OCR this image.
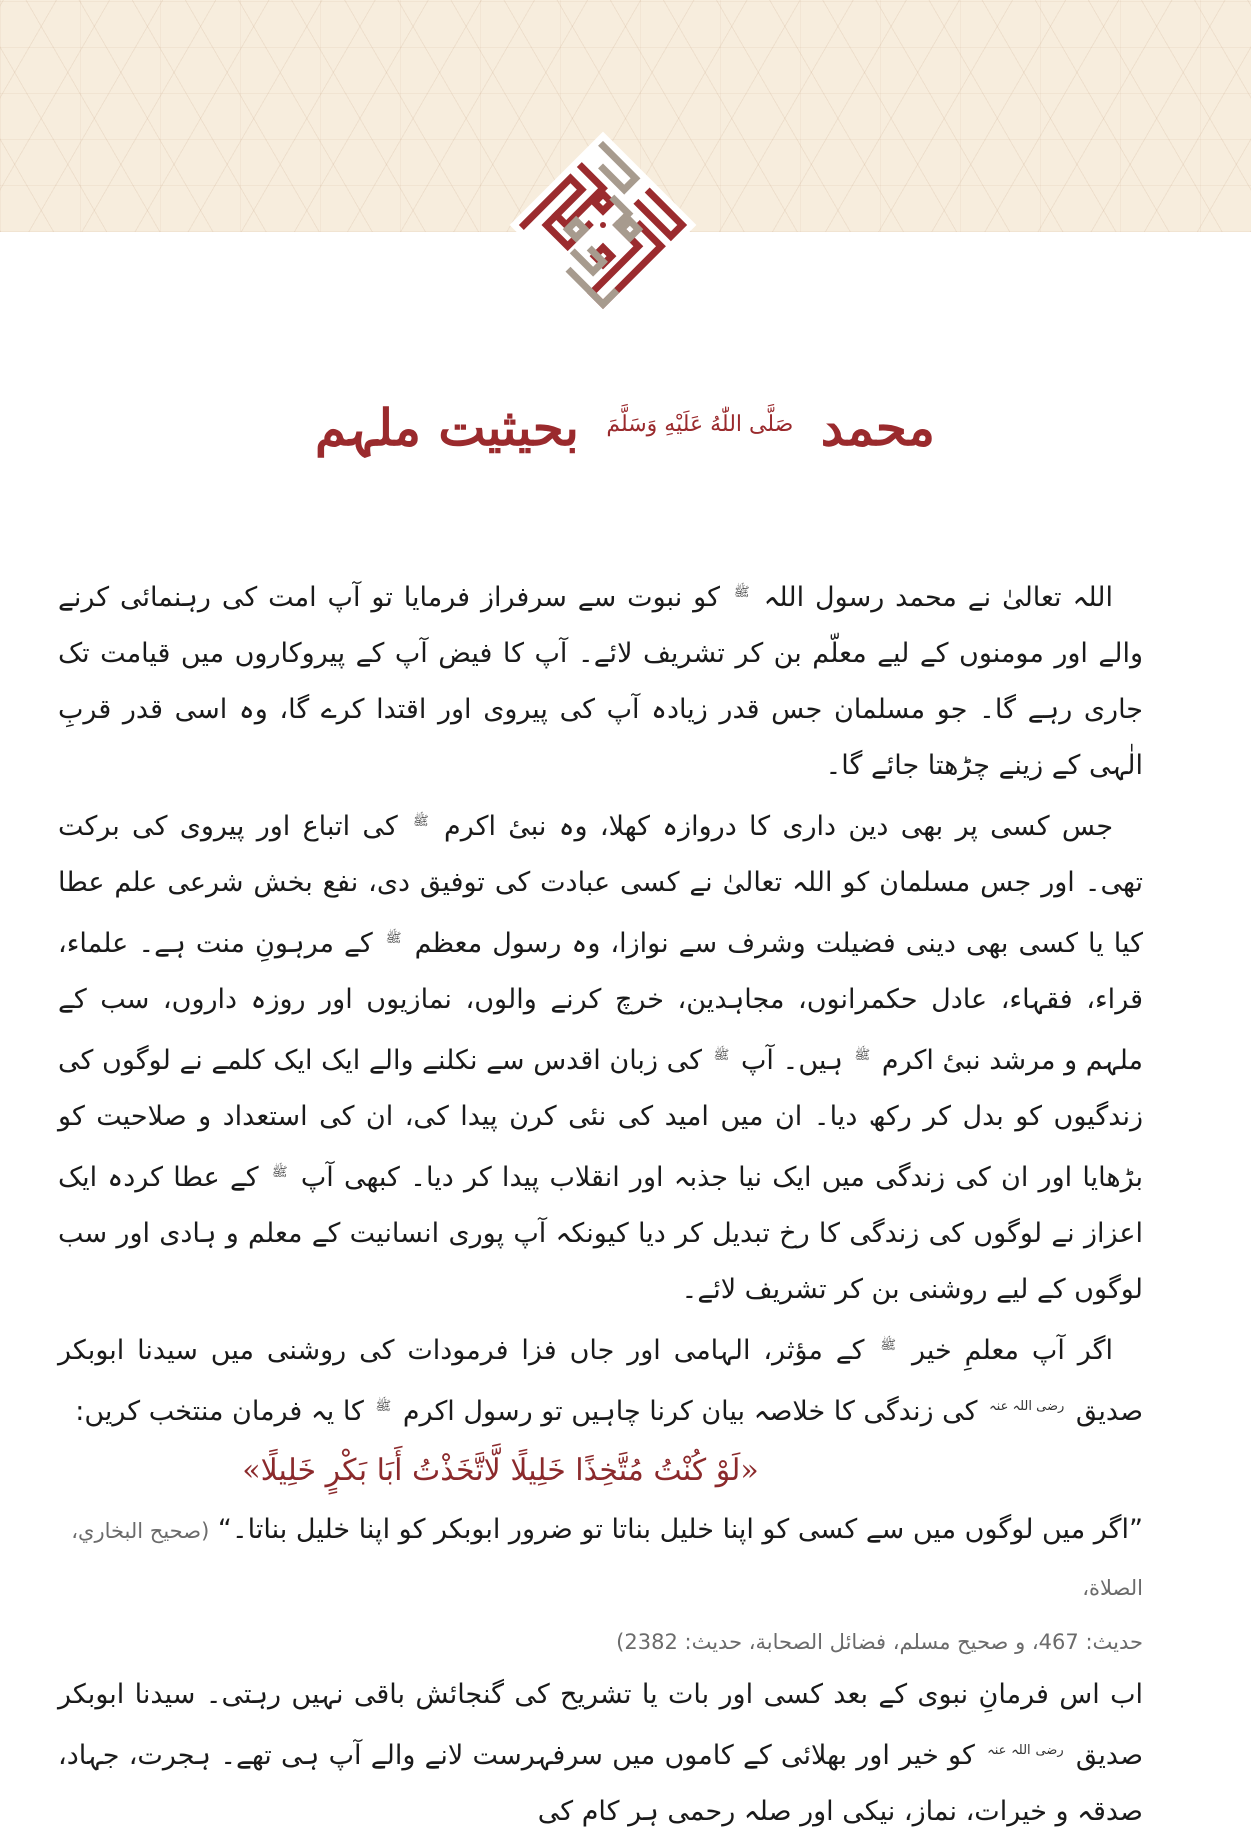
محمد $^{صَلَّى اللّٰهُ عَلَيْهِ وَسَلَّمَ}$ بحیثیت ملہم

اللہ تعالیٰ نے محمد رسول اللہ $^ﷺ$ کو نبوت سے سرفراز فرمایا تو آپ امت کی رہنمائی کرنے والے اور مومنوں کے لیے معلّم بن کر تشریف لائے۔ آپ کا فیض آپ کے پیروکاروں میں قیامت تک جاری رہے گا۔ جو مسلمان جس قدر زیادہ آپ کی پیروی اور اقتدا کرے گا، وہ اسی قدر قربِ الٰہی کے زینے چڑھتا جائے گا۔

جس کسی پر بھی دین داری کا دروازہ کھلا، وہ نبیٔ اکرم $^ﷺ$ کی اتباع اور پیروی کی برکت تھی۔ اور جس مسلمان کو اللہ تعالیٰ نے کسی عبادت کی توفیق دی، نفع بخش شرعی علم عطا کیا یا کسی بھی دینی فضیلت وشرف سے نوازا، وہ رسول معظم $^ﷺ$ کے مرہونِ منت ہے۔ علماء، قراء، فقہاء، عادل حکمرانوں، مجاہدین، خرچ کرنے والوں، نمازیوں اور روزہ داروں، سب کے ملہم و مرشد نبیٔ اکرم $^ﷺ$ ہیں۔ آپ $^ﷺ$ کی زبان اقدس سے نکلنے والے ایک ایک کلمے نے لوگوں کی زندگیوں کو بدل کر رکھ دیا۔ ان میں امید کی نئی کرن پیدا کی، ان کی استعداد و صلاحیت کو بڑھایا اور ان کی زندگی میں ایک نیا جذبہ اور انقلاب پیدا کر دیا۔ کبھی آپ $^ﷺ$ کے عطا کردہ ایک اعزاز نے لوگوں کی زندگی کا رخ تبدیل کر دیا کیونکہ آپ پوری انسانیت کے معلم و ہادی اور سب لوگوں کے لیے روشنی بن کر تشریف لائے۔

اگر آپ معلمِ خیر $^ﷺ$ کے مؤثر، الہامی اور جاں فزا فرمودات کی روشنی میں سیدنا ابوبکر صدیق $^{رضی اللہ عنہ}$ کی زندگی کا خلاصہ بیان کرنا چاہیں تو رسول اکرم $^ﷺ$ کا یہ فرمان منتخب کریں:

«لَوْ كُنْتُ مُتَّخِذًا خَلِيلًا لَّاتَّخَذْتُ أَبَا بَكْرٍ خَلِيلًا»

”اگر میں لوگوں میں سے کسی کو اپنا خلیل بناتا تو ضرور ابوبکر کو اپنا خلیل بناتا۔“ (صحيح البخاري، الصلاة،

حديث: 467، و صحيح مسلم، فضائل الصحابة، حديث: 2382)

اب اس فرمانِ نبوی کے بعد کسی اور بات یا تشریح کی گنجائش باقی نہیں رہتی۔ سیدنا ابوبکر صدیق $^{رضی اللہ عنہ}$ کو خیر اور بھلائی کے کاموں میں سرفہرست لانے والے آپ ہی تھے۔ ہجرت، جہاد، صدقہ و خیرات، نماز، نیکی اور صلہ رحمی ہر کام کی
